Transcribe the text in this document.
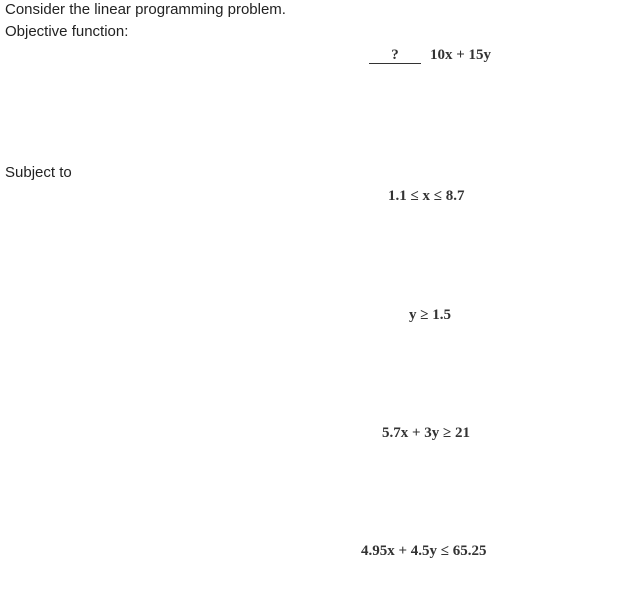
Consider the linear programming problem.
Objective function:
? 10x + 15y
Subject to
1.1 ≤ x ≤ 8.7
y ≥ 1.5
5.7x + 3y ≥ 21
4.95x + 4.5y ≤ 65.25
